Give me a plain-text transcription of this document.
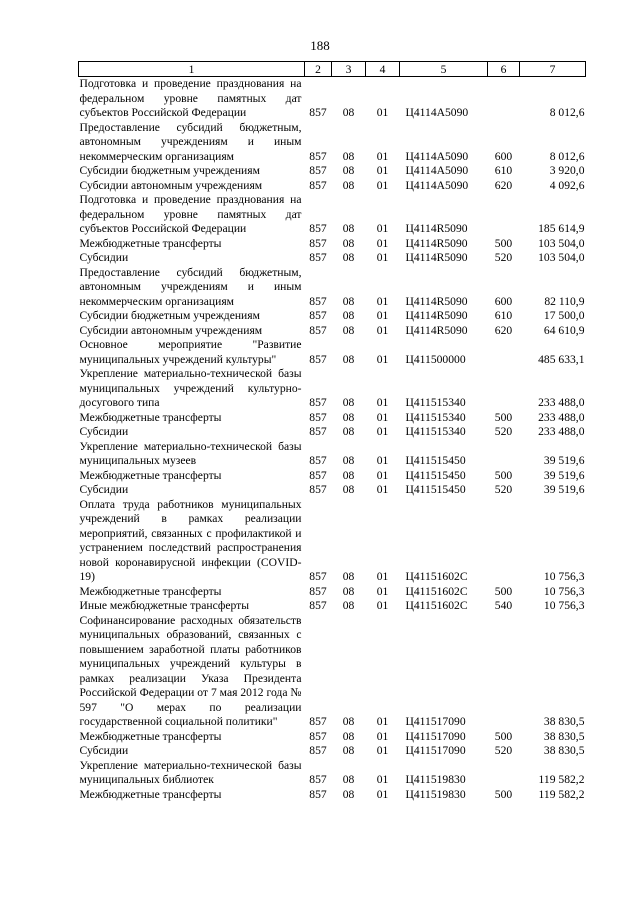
188
1	2	3	4	5	6	7
Подготовка и проведение празднования на федеральном уровне памятных дат субъектов Российской Федерации	857	08	01	Ц4114А5090		8 012,6
Предоставление субсидий бюджетным, автономным учреждениям и иным некоммерческим организациям	857	08	01	Ц4114А5090	600	8 012,6
Субсидии бюджетным учреждениям	857	08	01	Ц4114А5090	610	3 920,0
Субсидии автономным учреждениям	857	08	01	Ц4114А5090	620	4 092,6
Подготовка и проведение празднования на федеральном уровне памятных дат субъектов Российской Федерации	857	08	01	Ц4114R5090		185 614,9
Межбюджетные трансферты	857	08	01	Ц4114R5090	500	103 504,0
Субсидии	857	08	01	Ц4114R5090	520	103 504,0
Предоставление субсидий бюджетным, автономным учреждениям и иным некоммерческим организациям	857	08	01	Ц4114R5090	600	82 110,9
Субсидии бюджетным учреждениям	857	08	01	Ц4114R5090	610	17 500,0
Субсидии автономным учреждениям	857	08	01	Ц4114R5090	620	64 610,9
Основное мероприятие "Развитие муниципальных учреждений культуры"	857	08	01	Ц411500000		485 633,1
Укрепление материально-технической базы муниципальных учреждений культурно-досугового типа	857	08	01	Ц411515340		233 488,0
Межбюджетные трансферты	857	08	01	Ц411515340	500	233 488,0
Субсидии	857	08	01	Ц411515340	520	233 488,0
Укрепление материально-технической базы муниципальных музеев	857	08	01	Ц411515450		39 519,6
Межбюджетные трансферты	857	08	01	Ц411515450	500	39 519,6
Субсидии	857	08	01	Ц411515450	520	39 519,6
Оплата труда работников муниципальных учреждений в рамках реализации мероприятий, связанных с профилактикой и устранением последствий распространения новой коронавирусной инфекции (COVID-19)	857	08	01	Ц41151602С		10 756,3
Межбюджетные трансферты	857	08	01	Ц41151602С	500	10 756,3
Иные межбюджетные трансферты	857	08	01	Ц41151602С	540	10 756,3
Софинансирование расходных обязательств муниципальных образований, связанных с повышением заработной платы работников муниципальных учреждений культуры в рамках реализации Указа Президента Российской Федерации от 7 мая 2012 года № 597 "О мерах по реализации государственной социальной политики"	857	08	01	Ц411517090		38 830,5
Межбюджетные трансферты	857	08	01	Ц411517090	500	38 830,5
Субсидии	857	08	01	Ц411517090	520	38 830,5
Укрепление материально-технической базы муниципальных библиотек	857	08	01	Ц411519830		119 582,2
Межбюджетные трансферты	857	08	01	Ц411519830	500	119 582,2
